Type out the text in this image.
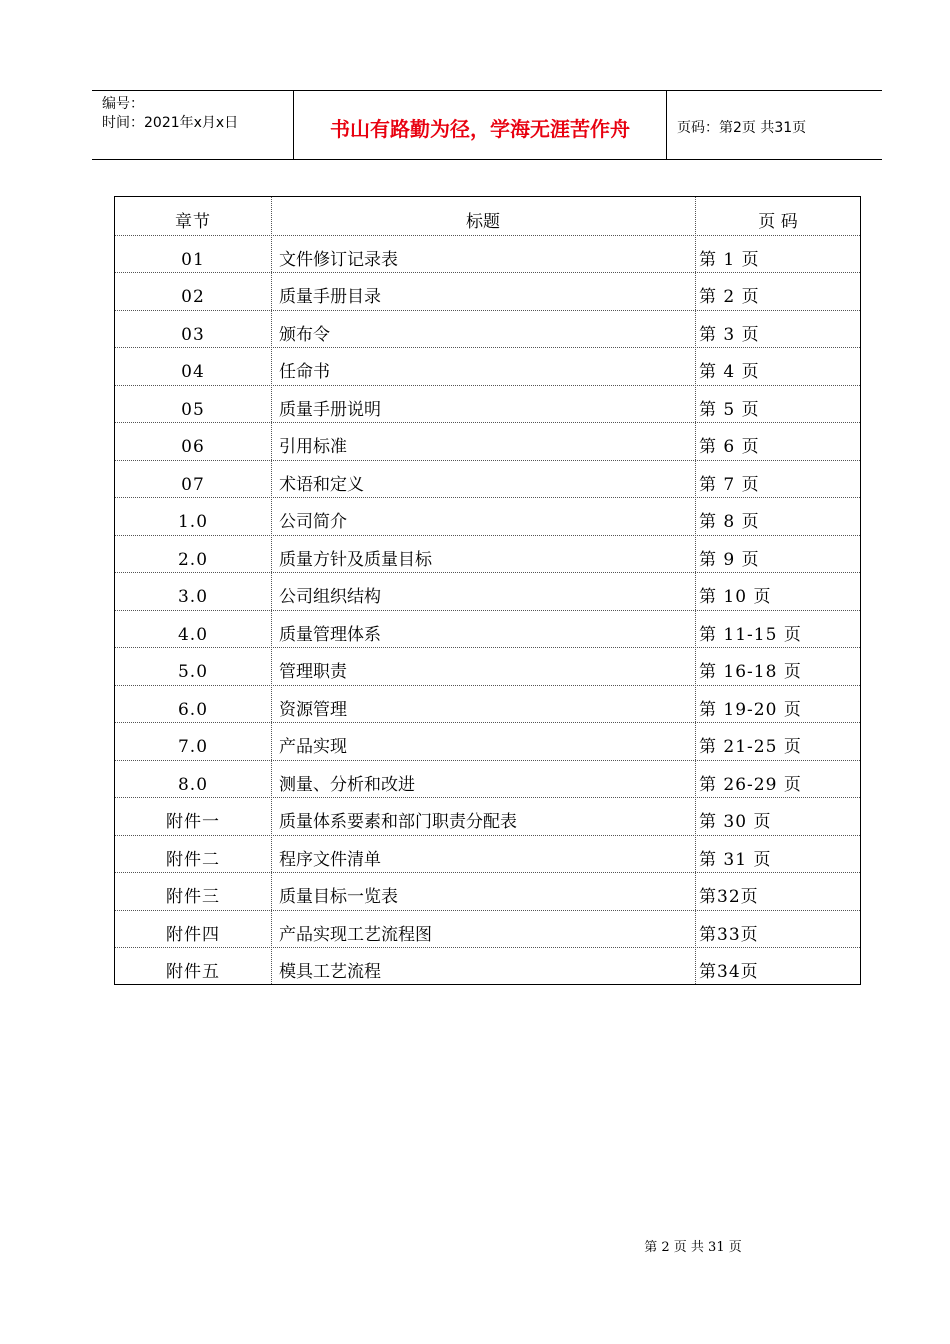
编号：
时间：2021年x月x日	书山有路勤为径，学海无涯苦作舟	页码：第2页 共31页
章节	标题	页 码
01	文件修订记录表	第 1 页
02	质量手册目录	第 2 页
03	颁布令	第 3 页
04	任命书	第 4 页
05	质量手册说明	第 5 页
06	引用标准	第 6 页
07	术语和定义	第 7 页
1.0	公司简介	第 8 页
2.0	质量方针及质量目标	第 9 页
3.0	公司组织结构	第 10 页
4.0	质量管理体系	第 11-15 页
5.0	管理职责	第 16-18 页
6.0	资源管理	第 19-20 页
7.0	产品实现	第 21-25 页
8.0	测量、分析和改进	第 26-29 页
附件一	质量体系要素和部门职责分配表	第 30 页
附件二	程序文件清单	第 31 页
附件三	质量目标一览表	第32页
附件四	产品实现工艺流程图	第33页
附件五	模具工艺流程	第34页
第 2 页 共 31 页
